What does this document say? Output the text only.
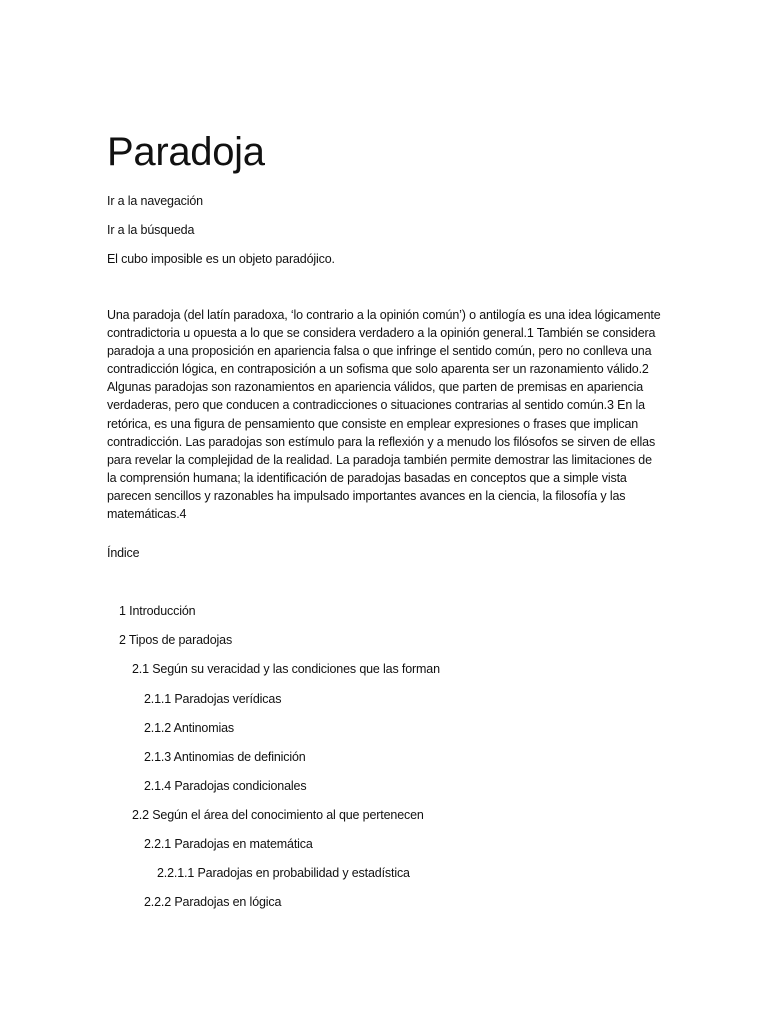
Paradoja
Ir a la navegación
Ir a la búsqueda
El cubo imposible es un objeto paradójico.

Una paradoja (del latín paradoxa, ‘lo contrario a la opinión común’) o antilogía es una idea lógicamente contradictoria u opuesta a lo que se considera verdadero a la opinión general.1 También se considera paradoja a una proposición en apariencia falsa o que infringe el sentido común, pero no conlleva una contradicción lógica, en contraposición a un sofisma que solo aparenta ser un razonamiento válido.2 Algunas paradojas son razonamientos en apariencia válidos, que parten de premisas en apariencia verdaderas, pero que conducen a contradicciones o situaciones contrarias al sentido común.3 En la retórica, es una figura de pensamiento que consiste en emplear expresiones o frases que implican contradicción. Las paradojas son estímulo para la reflexión y a menudo los filósofos se sirven de ellas para revelar la complejidad de la realidad. La paradoja también permite demostrar las limitaciones de la comprensión humana; la identificación de paradojas basadas en conceptos que a simple vista parecen sencillos y razonables ha impulsado importantes avances en la ciencia, la filosofía y las matemáticas.4

Índice
1 Introducción
2 Tipos de paradojas
2.1 Según su veracidad y las condiciones que las forman
2.1.1 Paradojas verídicas
2.1.2 Antinomias
2.1.3 Antinomias de definición
2.1.4 Paradojas condicionales
2.2 Según el área del conocimiento al que pertenecen
2.2.1 Paradojas en matemática
2.2.1.1 Paradojas en probabilidad y estadística
2.2.2 Paradojas en lógica
